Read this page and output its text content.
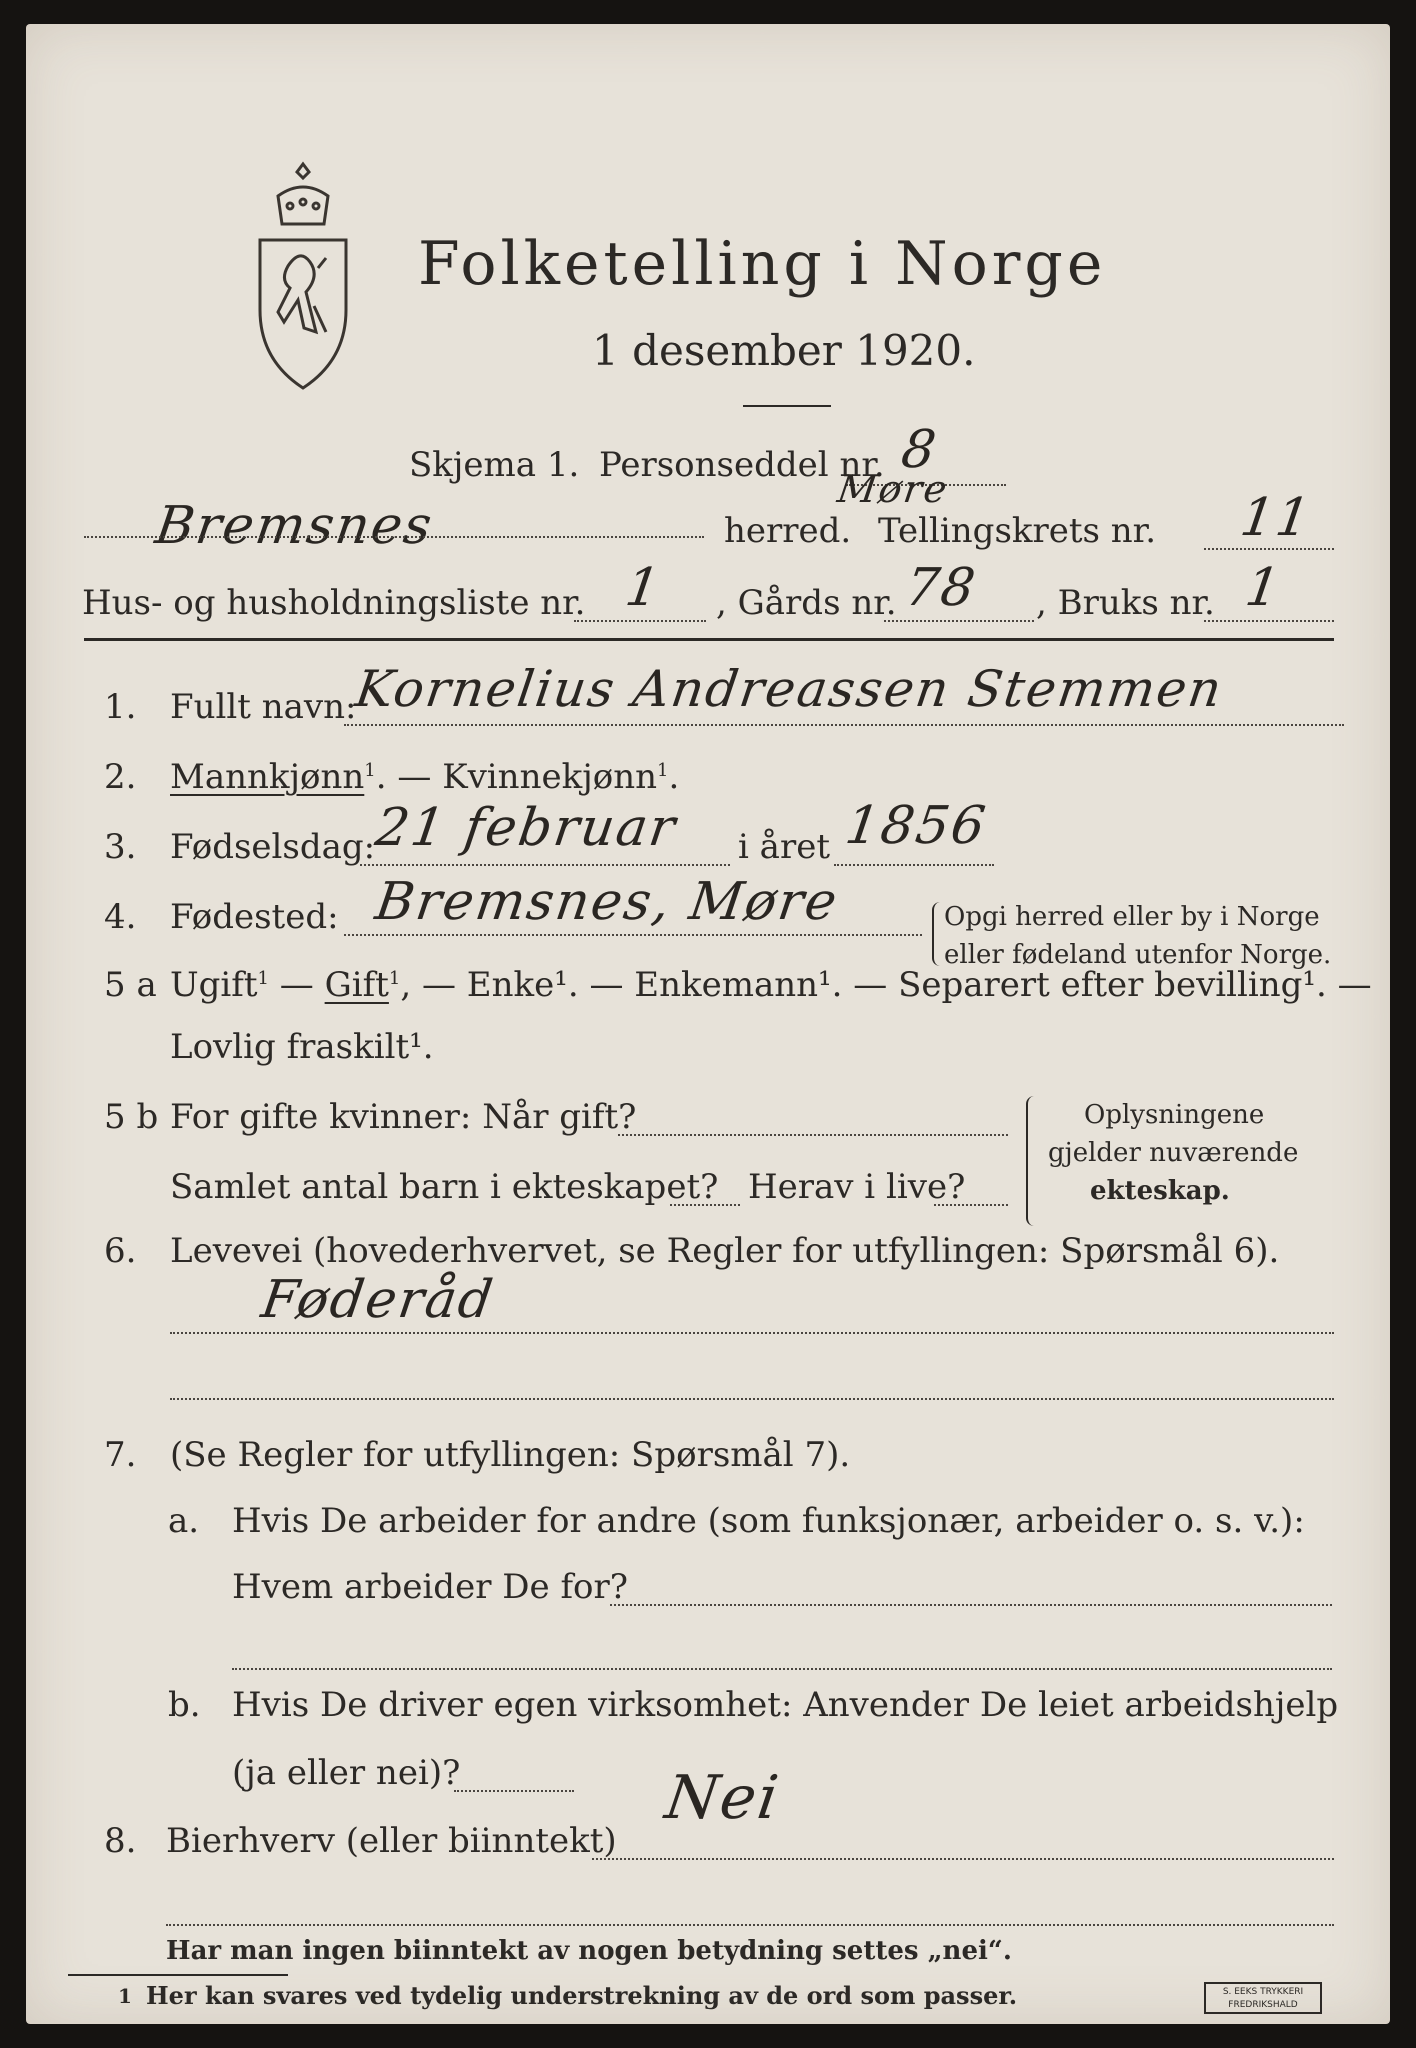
Folketelling i Norge
1 desember 1920.
Skjema 1. Personseddel nr. 8
Bremsnes	herred.
Møre
Tellingskrets nr. 11
Hus- og husholdningsliste nr. 1 , Gårds nr. 78 , Bruks nr. 1
1. Fullt navn:
Kornelius Andreassen Stemmen
2. Mannkjønn$^1$. — Kvinnekjønn$^1$.
3. Fødselsdag:
21 februar i året 1856
4. Fødested: Bremsnes, Møre	Opgi herred eller by i Norge
eller fødeland utenfor Norge.
5 a Ugift$^1$ — Gift$^1$, — Enke¹. — Enkemann¹. — Separert efter bevilling¹. —
Lovlig fraskilt¹.
5 b For gifte kvinner: Når gift?
Samlet antal barn i ekteskapet? Herav i live?
Oplysningene
gjelder nuværende
ekteskap.
6. Levevei (hovederhvervet, se Regler for utfyllingen: Spørsmål 6).
Føderåd
7. (Se Regler for utfyllingen: Spørsmål 7).
a. Hvis De arbeider for andre (som funksjonær, arbeider o. s. v.):
Hvem arbeider De for?
b. Hvis De driver egen virksomhet: Anvender De leiet arbeidshjelp
(ja eller nei)?
8. Bierhverv (eller biinntekt)
Nei
Har man ingen biinntekt av nogen betydning settes „nei“.
1 Her kan svares ved tydelig understrekning av de ord som passer.	S. EEKS TRYKKERI
FREDRIKSHALD
